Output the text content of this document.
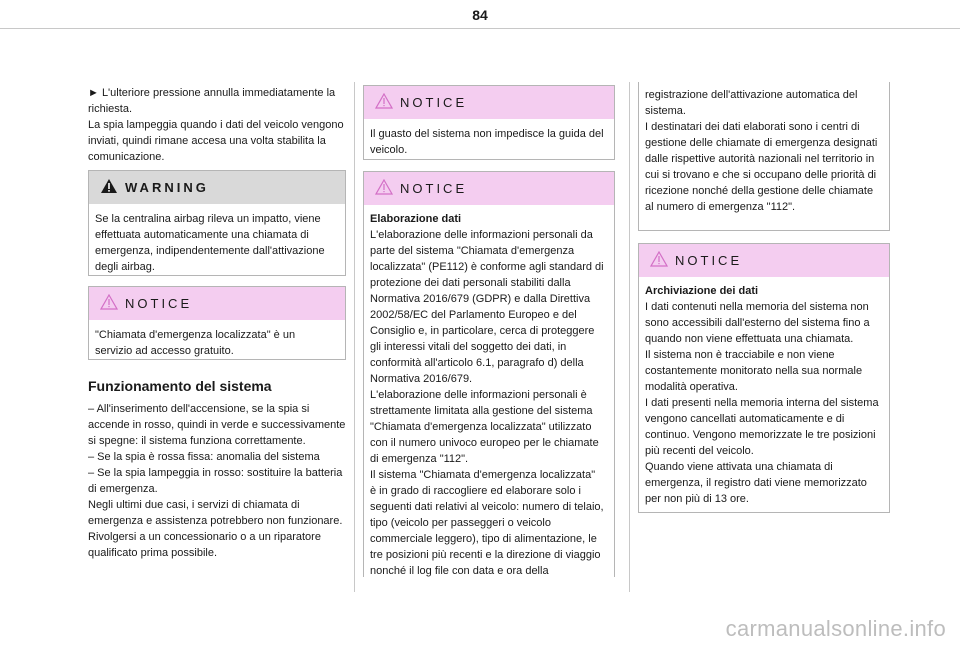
84

► L'ulteriore pressione annulla immediatamente la richiesta.
La spia lampeggia quando i dati del veicolo vengono inviati, quindi rimane accesa una volta stabilita la comunicazione.

WARNING

Se la centralina airbag rileva un impatto, viene effettuata automaticamente una chiamata di emergenza, indipendentemente dall'attivazione degli airbag.

NOTICE

"Chiamata d'emergenza localizzata" è un servizio ad accesso gratuito.

Funzionamento del sistema

– All'inserimento dell'accensione, se la spia si accende in rosso, quindi in verde e successivamente si spegne: il sistema funziona correttamente.
– Se la spia è rossa fissa: anomalia del sistema
– Se la spia lampeggia in rosso: sostituire la batteria di emergenza.
Negli ultimi due casi, i servizi di chiamata di emergenza e assistenza potrebbero non funzionare.
Rivolgersi a un concessionario o a un riparatore qualificato prima possibile.

NOTICE

Il guasto del sistema non impedisce la guida del veicolo.

NOTICE

Elaborazione dati

L'elaborazione delle informazioni personali da parte del sistema "Chiamata d'emergenza localizzata" (PE112) è conforme agli standard di protezione dei dati personali stabiliti dalla Normativa 2016/679 (GDPR) e dalla Direttiva 2002/58/EC del Parlamento Europeo e del Consiglio e, in particolare, cerca di proteggere gli interessi vitali del soggetto dei dati, in conformità all'articolo 6.1, paragrafo d) della Normativa 2016/679.
L'elaborazione delle informazioni personali è strettamente limitata alla gestione del sistema "Chiamata d'emergenza localizzata" utilizzato con il numero univoco europeo per le chiamate di emergenza "112".
Il sistema "Chiamata d'emergenza localizzata" è in grado di raccogliere ed elaborare solo i seguenti dati relativi al veicolo: numero di telaio, tipo (veicolo per passeggeri o veicolo commerciale leggero), tipo di alimentazione, le tre posizioni più recenti e la direzione di viaggio nonché il log file con data e ora della

registrazione dell'attivazione automatica del sistema.
I destinatari dei dati elaborati sono i centri di gestione delle chiamate di emergenza designati dalle rispettive autorità nazionali nel territorio in cui si trovano e che si occupano delle priorità di ricezione nonché della gestione delle chiamate al numero di emergenza "112".

NOTICE

Archiviazione dei dati

I dati contenuti nella memoria del sistema non sono accessibili dall'esterno del sistema fino a quando non viene effettuata una chiamata.
Il sistema non è tracciabile e non viene costantemente monitorato nella sua normale modalità operativa.
I dati presenti nella memoria interna del sistema vengono cancellati automaticamente e di continuo. Vengono memorizzate le tre posizioni più recenti del veicolo.
Quando viene attivata una chiamata di emergenza, il registro dati viene memorizzato per non più di 13 ore.

carmanualsonline.info
